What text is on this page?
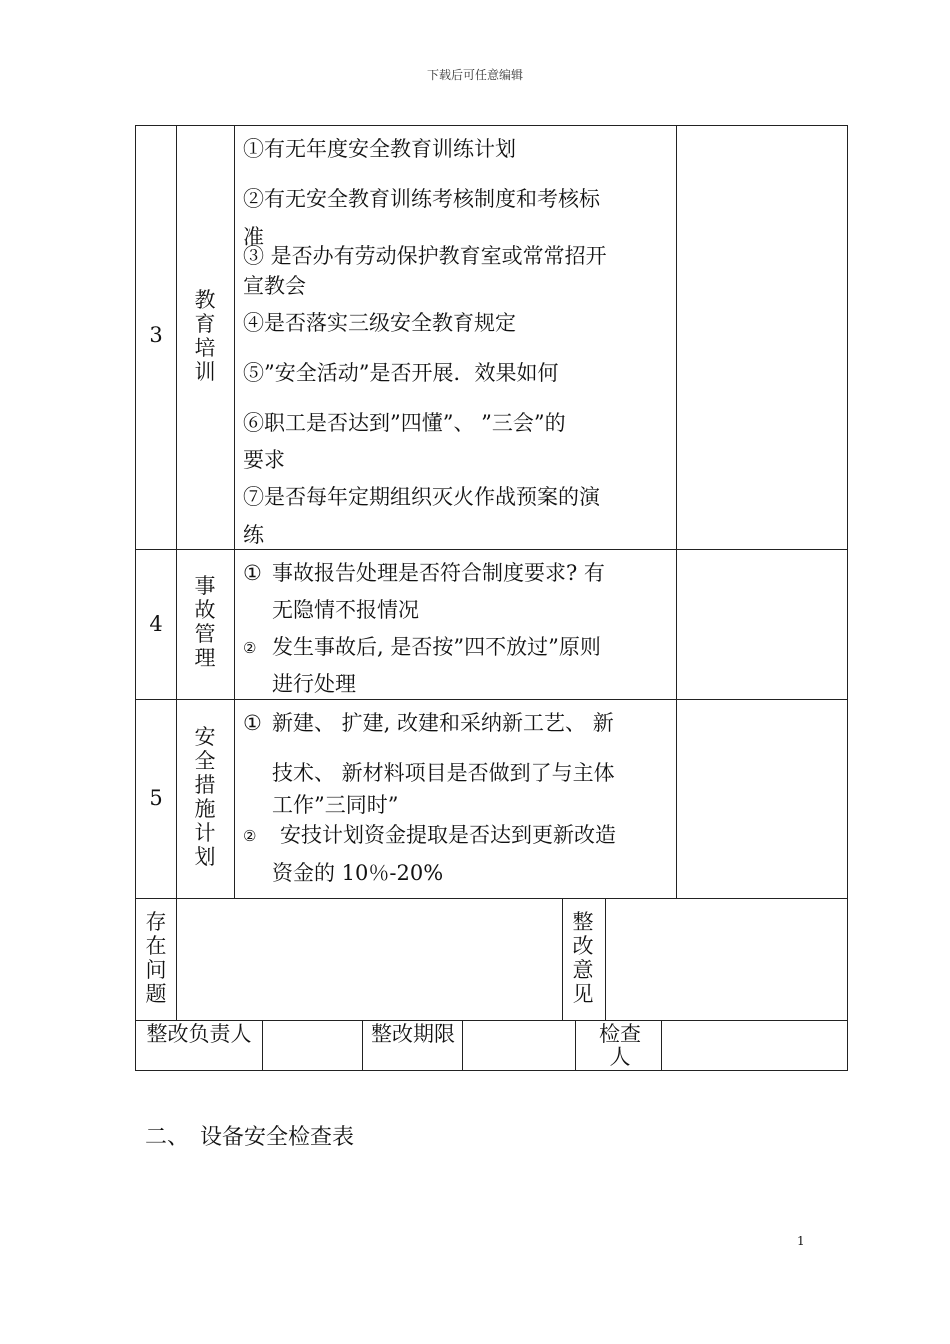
下载后可任意编辑
3
教育培训
①有无年度安全教育训练计划
②有无安全教育训练考核制度和考核标
准
③ 是否办有劳动保护教育室或常常招开
宣教会
④是否落实三级安全教育规定
⑤”安全活动”是否开展．效果如何
⑥职工是否达到”四懂”、 ”三会”的
要求
⑦是否每年定期组织灭火作战预案的演
练
4
事故管理
① 事故报告处理是否符合制度要求? 有
无隐情不报情况
② 发生事故后, 是否按”四不放过”原则
进行处理
5
安全措施计划
① 新建、 扩建, 改建和采纳新工艺、 新
技术、 新材料项目是否做到了与主体
工作”三同时”
② 安技计划资金提取是否达到更新改造
资金的 10％-20%
存在问题
整改意见
整改负责人	整改期限	检查人
二、　设备安全检查表
1
